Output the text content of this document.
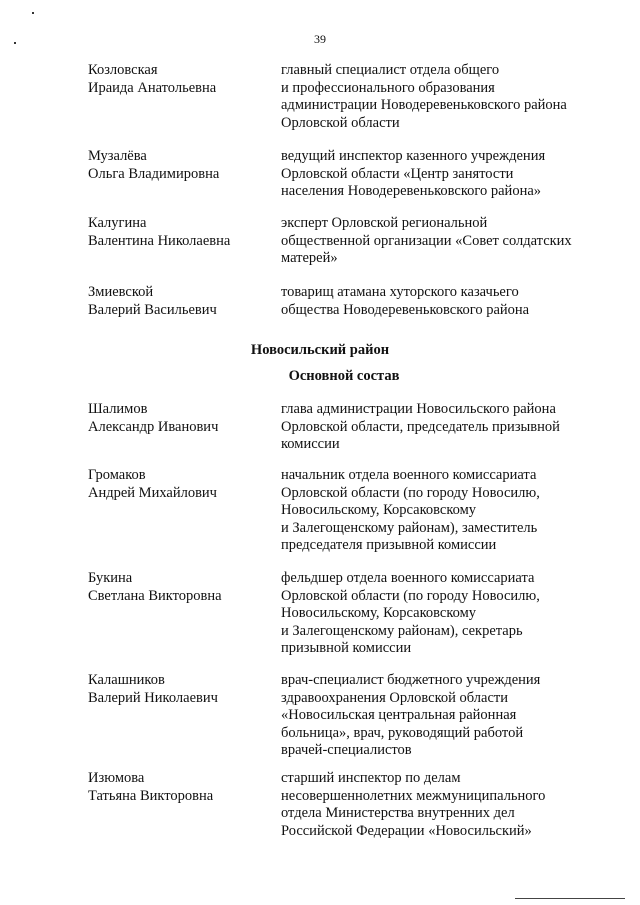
39
Козловская
Ираида Анатольевна
главный специалист отдела общего
и профессионального образования
администрации Новодеревеньковского района
Орловской области
Музалёва
Ольга Владимировна
ведущий инспектор казенного учреждения
Орловской области «Центр занятости
населения Новодеревеньковского района»
Калугина
Валентина Николаевна
эксперт Орловской региональной
общественной организации «Совет солдатских
матерей»
Змиевской
Валерий Васильевич
товарищ атамана хуторского казачьего
общества Новодеревеньковского района
Новосильский район
Основной состав
Шалимов
Александр Иванович
глава администрации Новосильского района
Орловской области, председатель призывной
комиссии
Громаков
Андрей Михайлович
начальник отдела военного комиссариата
Орловской области (по городу Новосилю,
Новосильскому, Корсаковскому
и Залегощенскому районам), заместитель
председателя призывной комиссии
Букина
Светлана Викторовна
фельдшер отдела военного комиссариата
Орловской области (по городу Новосилю,
Новосильскому, Корсаковскому
и Залегощенскому районам), секретарь
призывной комиссии
Калашников
Валерий Николаевич
врач-специалист бюджетного учреждения
здравоохранения Орловской области
«Новосильская центральная районная
больница», врач, руководящий работой
врачей-специалистов
Изюмова
Татьяна Викторовна
старший инспектор по делам
несовершеннолетних межмуниципального
отдела Министерства внутренних дел
Российской Федерации «Новосильский»
